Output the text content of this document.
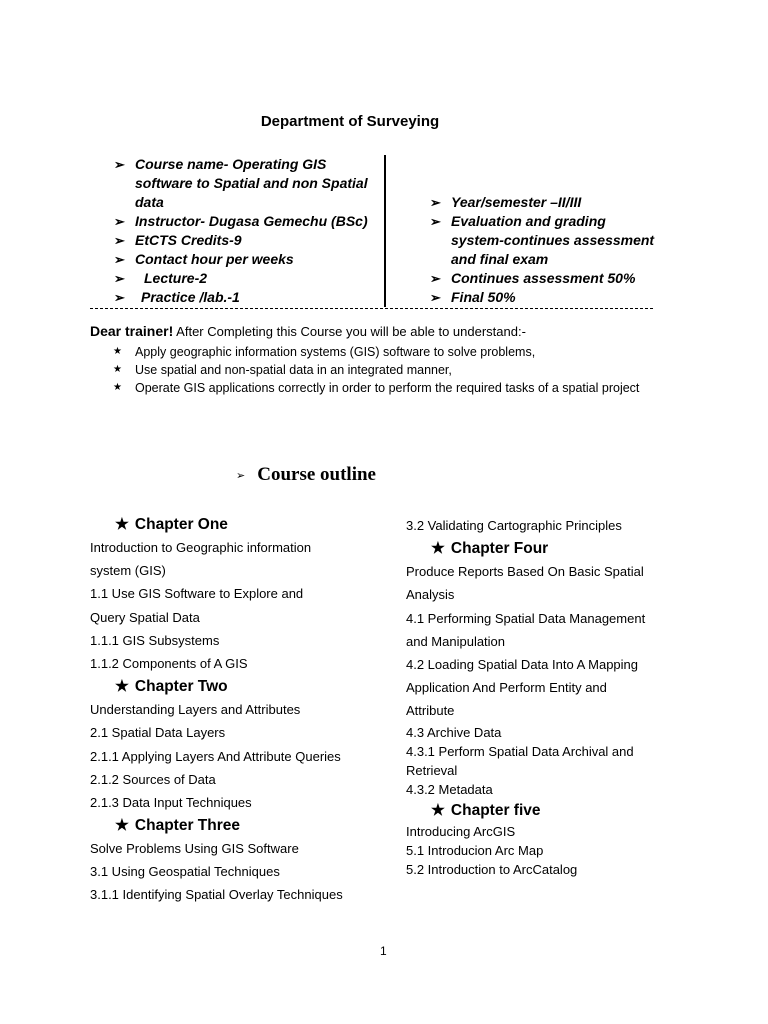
Department of Surveying
➢ Course name- Operating GIS software to Spatial and non Spatial data
➢ Instructor- Dugasa Gemechu (BSc)
➢ EtCTS Credits-9
➢ Contact hour per weeks
➢ Lecture-2
➢ Practice /lab.-1
➢ Year/semester –II/III
➢ Evaluation and grading system-continues assessment and final exam
➢ Continues assessment 50%
➢ Final 50%
Dear trainer! After Completing this Course you will be able to understand:-
★ Apply geographic information systems (GIS) software to solve problems,
★ Use spatial and non-spatial data in an integrated manner,
★ Operate GIS applications correctly in order to perform the required tasks of a spatial project
➢ Course outline
★ Chapter One
Introduction to Geographic information
system (GIS)
1.1 Use GIS Software to Explore and
Query Spatial Data
1.1.1 GIS Subsystems
1.1.2 Components of A GIS
★ Chapter Two
Understanding Layers and Attributes
2.1 Spatial Data Layers
2.1.1 Applying Layers And Attribute Queries
2.1.2 Sources of Data
2.1.3 Data Input Techniques
★ Chapter Three
Solve Problems Using GIS Software
3.1 Using Geospatial Techniques
3.1.1 Identifying Spatial Overlay Techniques
3.2 Validating Cartographic Principles
★ Chapter Four
Produce Reports Based On Basic Spatial
Analysis
4.1 Performing Spatial Data Management
and Manipulation
4.2 Loading Spatial Data Into A Mapping
Application And Perform Entity and
Attribute
4.3 Archive Data
4.3.1 Perform Spatial Data Archival and
Retrieval
4.3.2 Metadata
★ Chapter five
Introducing ArcGIS
5.1 Introducion Arc Map
5.2 Introduction to ArcCatalog
1
